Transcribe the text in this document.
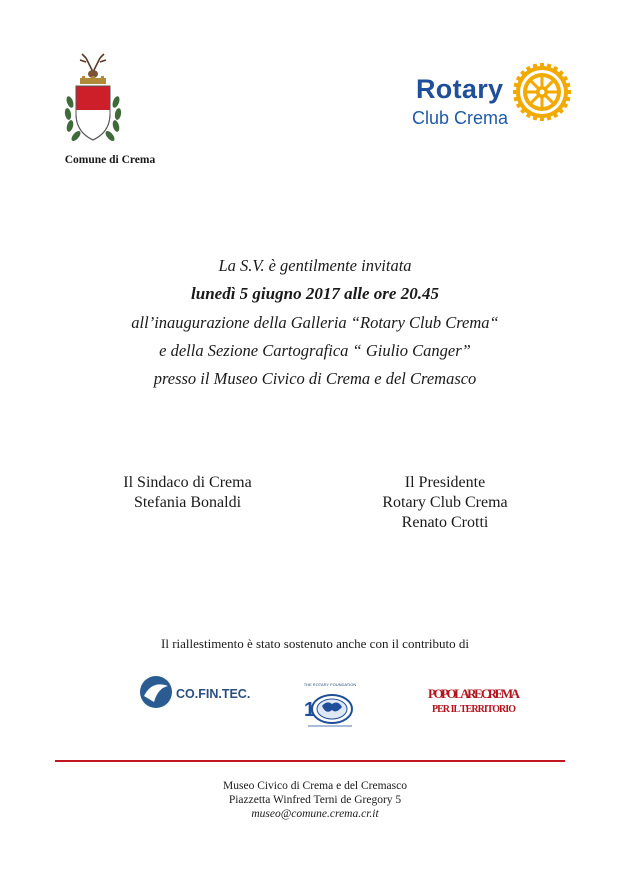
Comune di Crema
Rotary
Club Crema
La S.V. è gentilmente invitata
lunedì 5 giugno 2017 alle ore 20.45
all’inaugurazione della Galleria “Rotary Club Crema“
e della Sezione Cartografica “ Giulio Canger”
presso il Museo Civico di Crema e del Cremasco
Il Sindaco di Crema
Stefania Bonaldi
Il Presidente
Rotary Club Crema
Renato Crotti
Il riallestimento è stato sostenuto anche con il contributo di
CO.FIN.TEC.
THE ROTARY FOUNDATION
1
POPOLARE CREMA
PER IL TERRITORIO
Museo Civico di Crema e del Cremasco
Piazzetta Winfred Terni de Gregory 5
museo@comune.crema.cr.it
